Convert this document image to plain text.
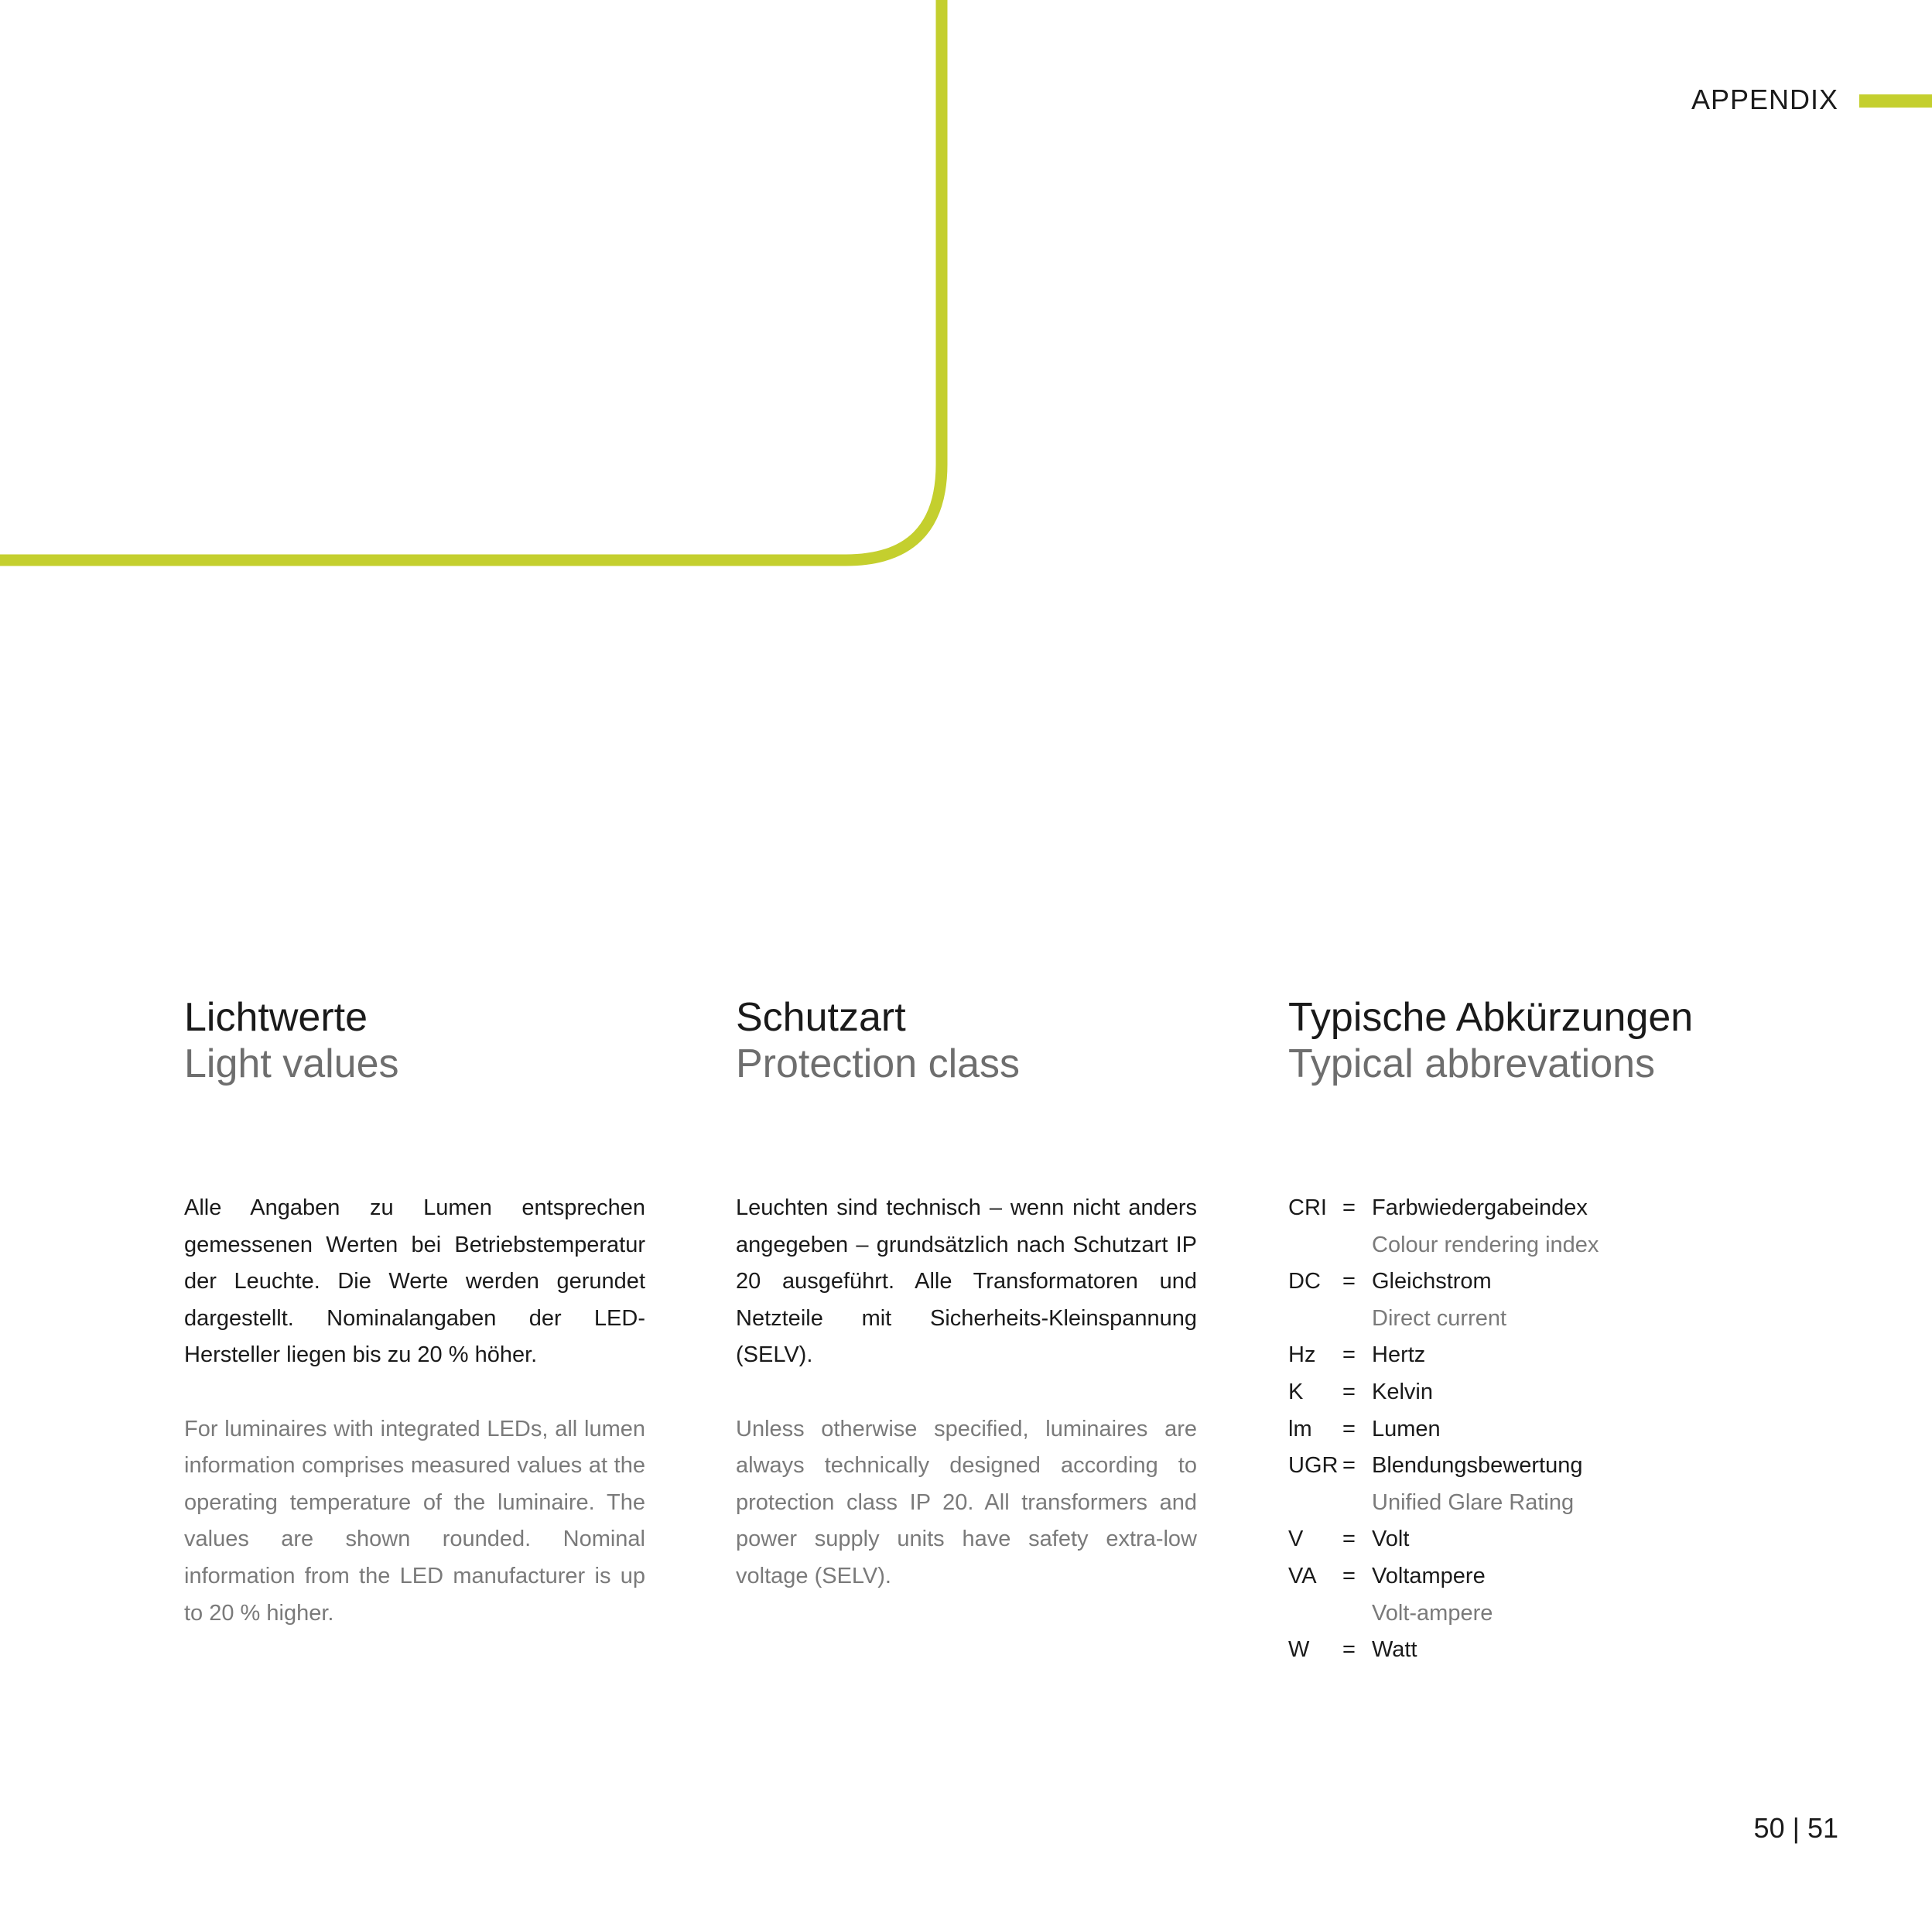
APPENDIX
Lichtwerte
Light values
Alle Angaben zu Lumen entsprechen gemessenen Werten bei Betriebstemperatur der Leuchte. Die Werte werden gerundet dargestellt. Nominalangaben der LED-Hersteller liegen bis zu 20 % höher.
For luminaires with integrated LEDs, all lumen information comprises measured values at the operating temperature of the luminaire. The values are shown rounded. Nominal information from the LED manufacturer is up to 20 % higher.
Schutzart
Protection class
Leuchten sind technisch – wenn nicht anders angegeben – grundsätzlich nach Schutzart IP 20 ausgeführt. Alle Transformatoren und Netzteile mit Sicherheits-Kleinspannung (SELV).
Unless otherwise specified, luminaires are always technically designed according to protection class IP 20. All transformers and power supply units have safety extra-low voltage (SELV).
Typische Abkürzungen
Typical abbrevations
CRI = Farbwiedergabeindex
Colour rendering index
DC = Gleichstrom
Direct current
Hz	= Hertz
K	= Kelvin
lm	= Lumen
UGR = Blendungsbewertung
Unified Glare Rating
V	= Volt
VA	= Voltampere
Volt-ampere
W	= Watt
50 | 51
